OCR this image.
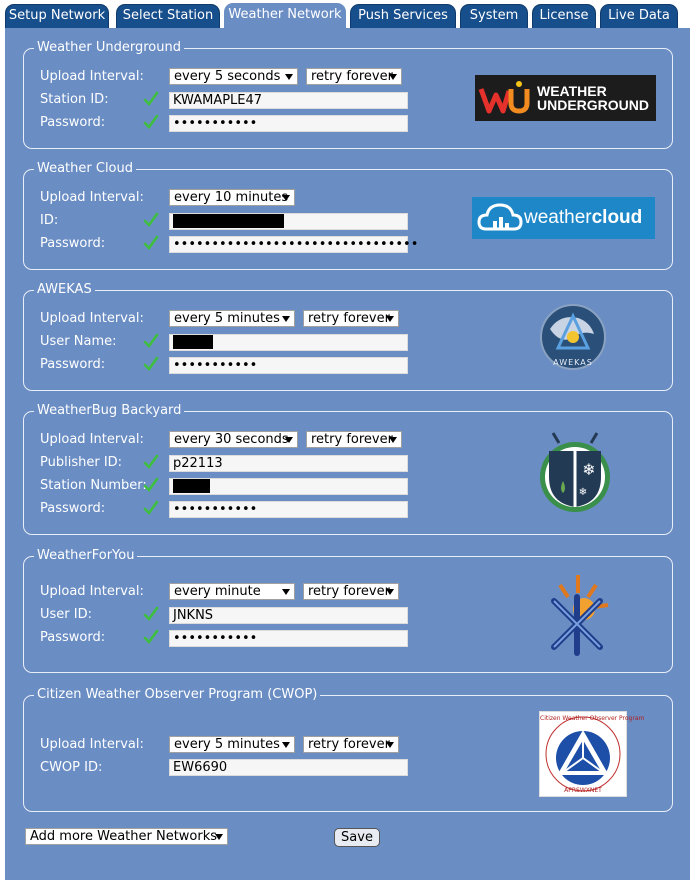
Setup Network	Select Station	Weather Network	Push Services	System	License	Live Data
Weather Underground
Upload Interval:	every 5 seconds	retry forever
Station ID:	KWAMAPLE47
Password:	•••••••••••
WEATHER
UNDERGROUND
Weather Cloud
Upload Interval:	every 10 minutes
ID:
Password:	••••••••••••••••••••••••••••••••
weathercloud
AWEKAS
Upload Interval:	every 5 minutes	retry forever
User Name:
Password:	•••••••••••	AWEKAS
WeatherBug Backyard
Upload Interval:	every 30 seconds	retry forever
Publisher ID:	p22113
Station Number:
Password:	•••••••••••
❄
❄
WeatherForYou
Upload Interval:	every minute	retry forever
User ID:	JNKNS
Password:	•••••••••••
Citizen Weather Observer Program (CWOP)
Upload Interval:	every 5 minutes	retry forever
CWOP ID:	EW6690
Citizen Weather Observer Program
APRSWXNET
Add more Weather Networks	Save
